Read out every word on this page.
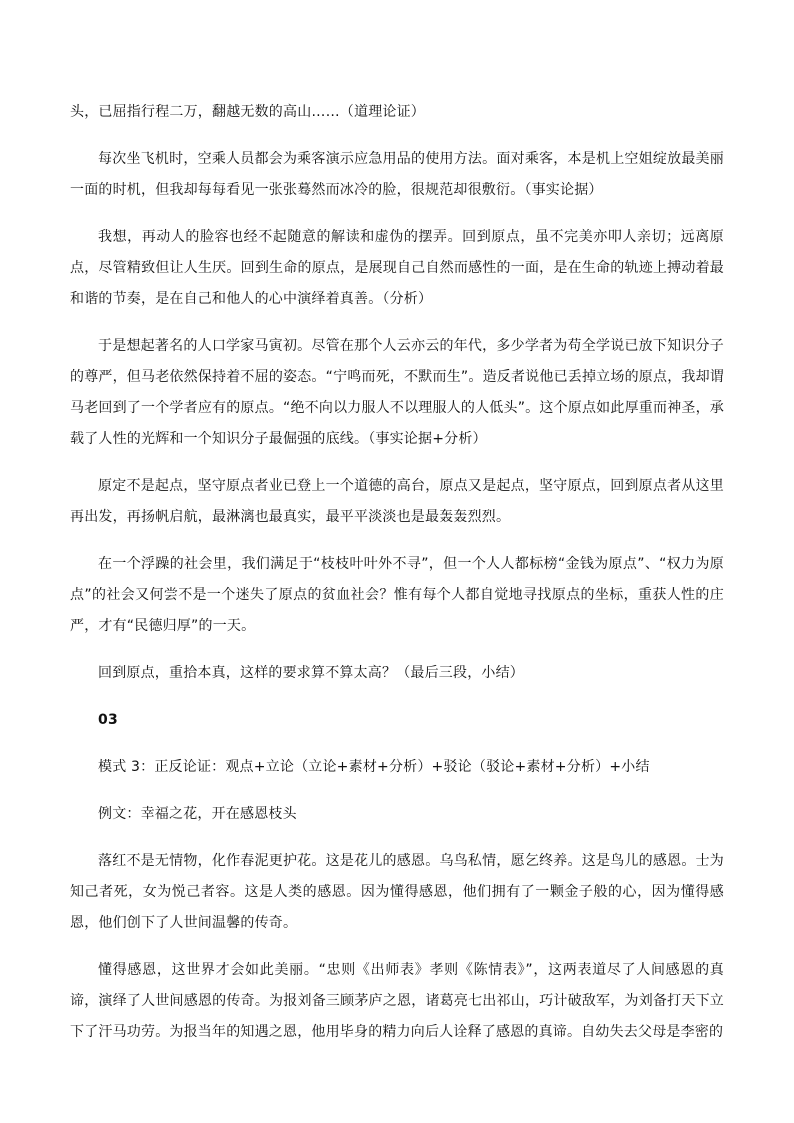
头，已屈指行程二万，翻越无数的高山……（道理论证）

每次坐飞机时，空乘人员都会为乘客演示应急用品的使用方法。面对乘客，本是机上空姐绽放最美丽一面的时机，但我却每每看见一张张蓦然而冰冷的脸，很规范却很敷衍。（事实论据）

我想，再动人的脸容也经不起随意的解读和虚伪的摆弄。回到原点，虽不完美亦叩人亲切；远离原点，尽管精致但让人生厌。回到生命的原点，是展现自己自然而感性的一面，是在生命的轨迹上搏动着最和谐的节奏，是在自己和他人的心中演绎着真善。（分析）

于是想起著名的人口学家马寅初。尽管在那个人云亦云的年代，多少学者为苟全学说已放下知识分子的尊严，但马老依然保持着不屈的姿态。“宁鸣而死，不默而生”。造反者说他已丢掉立场的原点，我却谓马老回到了一个学者应有的原点。“绝不向以力服人不以理服人的人低头”。这个原点如此厚重而神圣，承载了人性的光辉和一个知识分子最倔强的底线。（事实论据+分析）

原定不是起点，坚守原点者业已登上一个道德的高台，原点又是起点，坚守原点，回到原点者从这里再出发，再扬帆启航，最淋漓也最真实，最平平淡淡也是最轰轰烈烈。

在一个浮躁的社会里，我们满足于“枝枝叶叶外不寻”，但一个人人都标榜“金钱为原点”、“权力为原点”的社会又何尝不是一个迷失了原点的贫血社会？惟有每个人都自觉地寻找原点的坐标，重获人性的庄严，才有“民德归厚”的一天。

回到原点，重拾本真，这样的要求算不算太高？（最后三段，小结）

03

模式 3：正反论证：观点+立论（立论+素材+分析）+驳论（驳论+素材+分析）+小结

例文：幸福之花，开在感恩枝头

落红不是无情物，化作春泥更护花。这是花儿的感恩。乌鸟私情，愿乞终养。这是鸟儿的感恩。士为知己者死，女为悦己者容。这是人类的感恩。因为懂得感恩，他们拥有了一颗金子般的心，因为懂得感恩，他们创下了人世间温馨的传奇。

懂得感恩，这世界才会如此美丽。“忠则《出师表》孝则《陈情表》”，这两表道尽了人间感恩的真谛，演绎了人世间感恩的传奇。为报刘备三顾茅庐之恩，诸葛亮七出祁山，巧计破敌军，为刘备打天下立下了汗马功劳。为报当年的知遇之恩，他用毕身的精力向后人诠释了感恩的真谛。自幼失去父母是李密的
